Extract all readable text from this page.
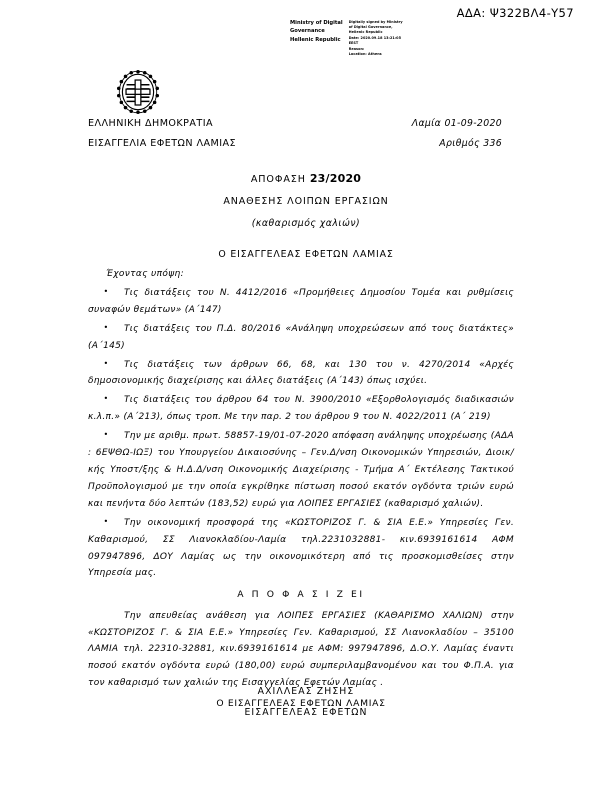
ΑΔΑ: Ψ322ΒΛ4-Υ57
Ministry of Digital
Governance
Hellenic Republic
Digitally signed by Ministry
of Digital Governance,
Hellenic Republic
Date: 2020.09.18 13:21:05
EEST
Reason:
Location: Athens
ΕΛΛΗΝΙΚΗ ΔΗΜΟΚΡΑΤΙΑ	Λαμία 01-09-2020
ΕΙΣΑΓΓΕΛΙΑ ΕΦΕΤΩΝ ΛΑΜΙΑΣ	Αριθμός 336
ΑΠΟΦΑΣΗ 23/2020
ΑΝΑΘΕΣΗΣ ΛΟΙΠΩΝ ΕΡΓΑΣΙΩΝ
(καθαρισμός χαλιών)
Ο ΕΙΣΑΓΓΕΛΕΑΣ ΕΦΕΤΩΝ ΛΑΜΙΑΣ
Έχοντας υπόψη:
•Τις διατάξεις του Ν. 4412/2016 «Προμήθειες Δημοσίου Τομέα και ρυθμίσεις συναφών θεμάτων» (Α΄147)
•Τις διατάξεις του Π.Δ. 80/2016 «Ανάληψη υποχρεώσεων από τους διατάκτες» (Α΄145)
•Τις διατάξεις των άρθρων 66, 68, και 130 του ν. 4270/2014 «Αρχές δημοσιονομικής διαχείρισης και άλλες διατάξεις (Α΄143) όπως ισχύει.
•Τις διατάξεις του άρθρου 64 του Ν. 3900/2010 «Εξορθολογισμός διαδικασιών κ.λ.π.» (Α΄213), όπως τροπ. Με την παρ. 2 του άρθρου 9 του Ν. 4022/2011 (Α΄ 219)
•Την με αριθμ. πρωτ. 58857-19/01-07-2020 απόφαση ανάληψης υποχρέωσης (ΑΔΑ : 6ΕΨΘΩ-ΙΩΞ) του Υπουργείου Δικαιοσύνης – Γεν.Δ/νση Οικονομικών Υπηρεσιών, Διοικ/κής Υποστ/ξης & Η.Δ.Δ/νση Οικονομικής Διαχείρισης - Τμήμα Α΄ Εκτέλεσης Τακτικού Προϋπολογισμού με την οποία εγκρίθηκε πίστωση ποσού εκατόν ογδόντα τριών ευρώ και πενήντα δύο λεπτών (183,52) ευρώ για ΛΟΙΠΕΣ ΕΡΓΑΣΙΕΣ (καθαρισμό χαλιών).
•Την οικονομική προσφορά της «ΚΩΣΤΟΡΙΖΟΣ Γ. & ΣΙΑ Ε.Ε.» Υπηρεσίες Γεν. Καθαρισμού, ΣΣ Λιανοκλαδίου-Λαμία τηλ.2231032881- κιν.6939161614 ΑΦΜ 097947896, ΔΟΥ Λαμίας ως την οικονομικότερη από τις προσκομισθείσες στην Υπηρεσία μας.
Α Π Ο Φ Α Σ Ι Ζ ΕΙ
Την απευθείας ανάθεση για ΛΟΙΠΕΣ ΕΡΓΑΣΙΕΣ (ΚΑΘΑΡΙΣΜΟ ΧΑΛΙΩΝ) στην «ΚΩΣΤΟΡΙΖΟΣ Γ. & ΣΙΑ Ε.Ε.» Υπηρεσίες Γεν. Καθαρισμού, ΣΣ Λιανοκλαδίου – 35100 ΛΑΜΙΑ τηλ. 22310-32881, κιν.6939161614 με ΑΦΜ: 997947896, Δ.Ο.Υ. Λαμίας έναντι ποσού εκατόν ογδόντα ευρώ (180,00) ευρώ συμπεριλαμβανομένου και του Φ.Π.Α. για τον καθαρισμό των χαλιών της Εισαγγελίας Εφετών Λαμίας .
Ο ΕΙΣΑΓΓΕΛΕΑΣ ΕΦΕΤΩΝ ΛΑΜΙΑΣ
ΑΧΙΛΛΕΑΣ ΖΗΣΗΣ
ΕΙΣΑΓΓΕΛΕΑΣ ΕΦΕΤΩΝ
